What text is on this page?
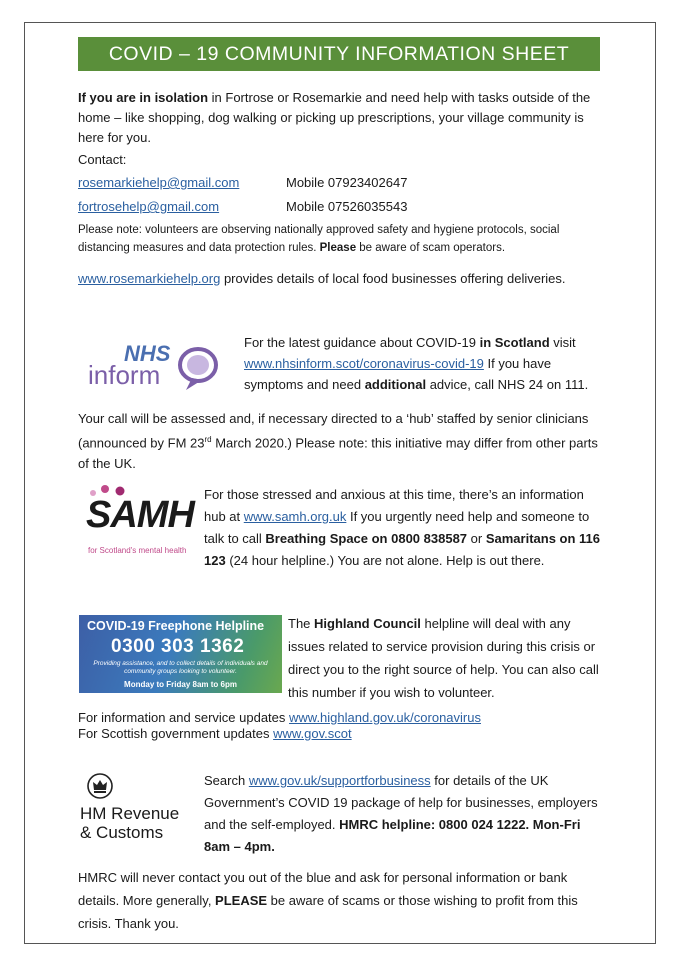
COVID – 19 COMMUNITY INFORMATION SHEET
If you are in isolation in Fortrose or Rosemarkie and need help with tasks outside of the home – like shopping, dog walking or picking up prescriptions, your village community is here for you.
Contact:
rosemarkiehelp@gmail.com	Mobile 07923402647
fortrosehelp@gmail.com	Mobile 07526035543
Please note: volunteers are observing nationally approved safety and hygiene protocols, social distancing measures and data protection rules. Please be aware of scam operators.
www.rosemarkiehelp.org provides details of local food businesses offering deliveries.
NHS
inform
For the latest guidance about COVID-19 in Scotland visit
www.nhsinform.scot/coronavirus-covid-19 If you have symptoms and need additional advice, call NHS 24 on 111.
Your call will be assessed and, if necessary directed to a ‘hub’ staffed by senior clinicians (announced by FM 23rd March 2020.) Please note: this initiative may differ from other parts of the UK.
SAMH
for Scotland's mental health
For those stressed and anxious at this time, there’s an information hub at www.samh.org.uk If you urgently need help and someone to talk to call Breathing Space on 0800 838587 or Samaritans on 116 123 (24 hour helpline.) You are not alone. Help is out there.
COVID-19 Freephone Helpline
0300 303 1362
Providing assistance, and to collect details of individuals and community groups looking to volunteer.
Monday to Friday 8am to 6pm
The Highland Council helpline will deal with any issues related to service provision during this crisis or direct you to the right source of help. You can also call this number if you wish to volunteer.
For information and service updates www.highland.gov.uk/coronavirus
For Scottish government updates www.gov.scot
HM Revenue
& Customs
Search www.gov.uk/supportforbusiness for details of the UK Government’s COVID 19 package of help for businesses, employers and the self-employed. HMRC helpline: 0800 024 1222. Mon-Fri 8am – 4pm.
HMRC will never contact you out of the blue and ask for personal information or bank details. More generally, PLEASE be aware of scams or those wishing to profit from this crisis. Thank you.
